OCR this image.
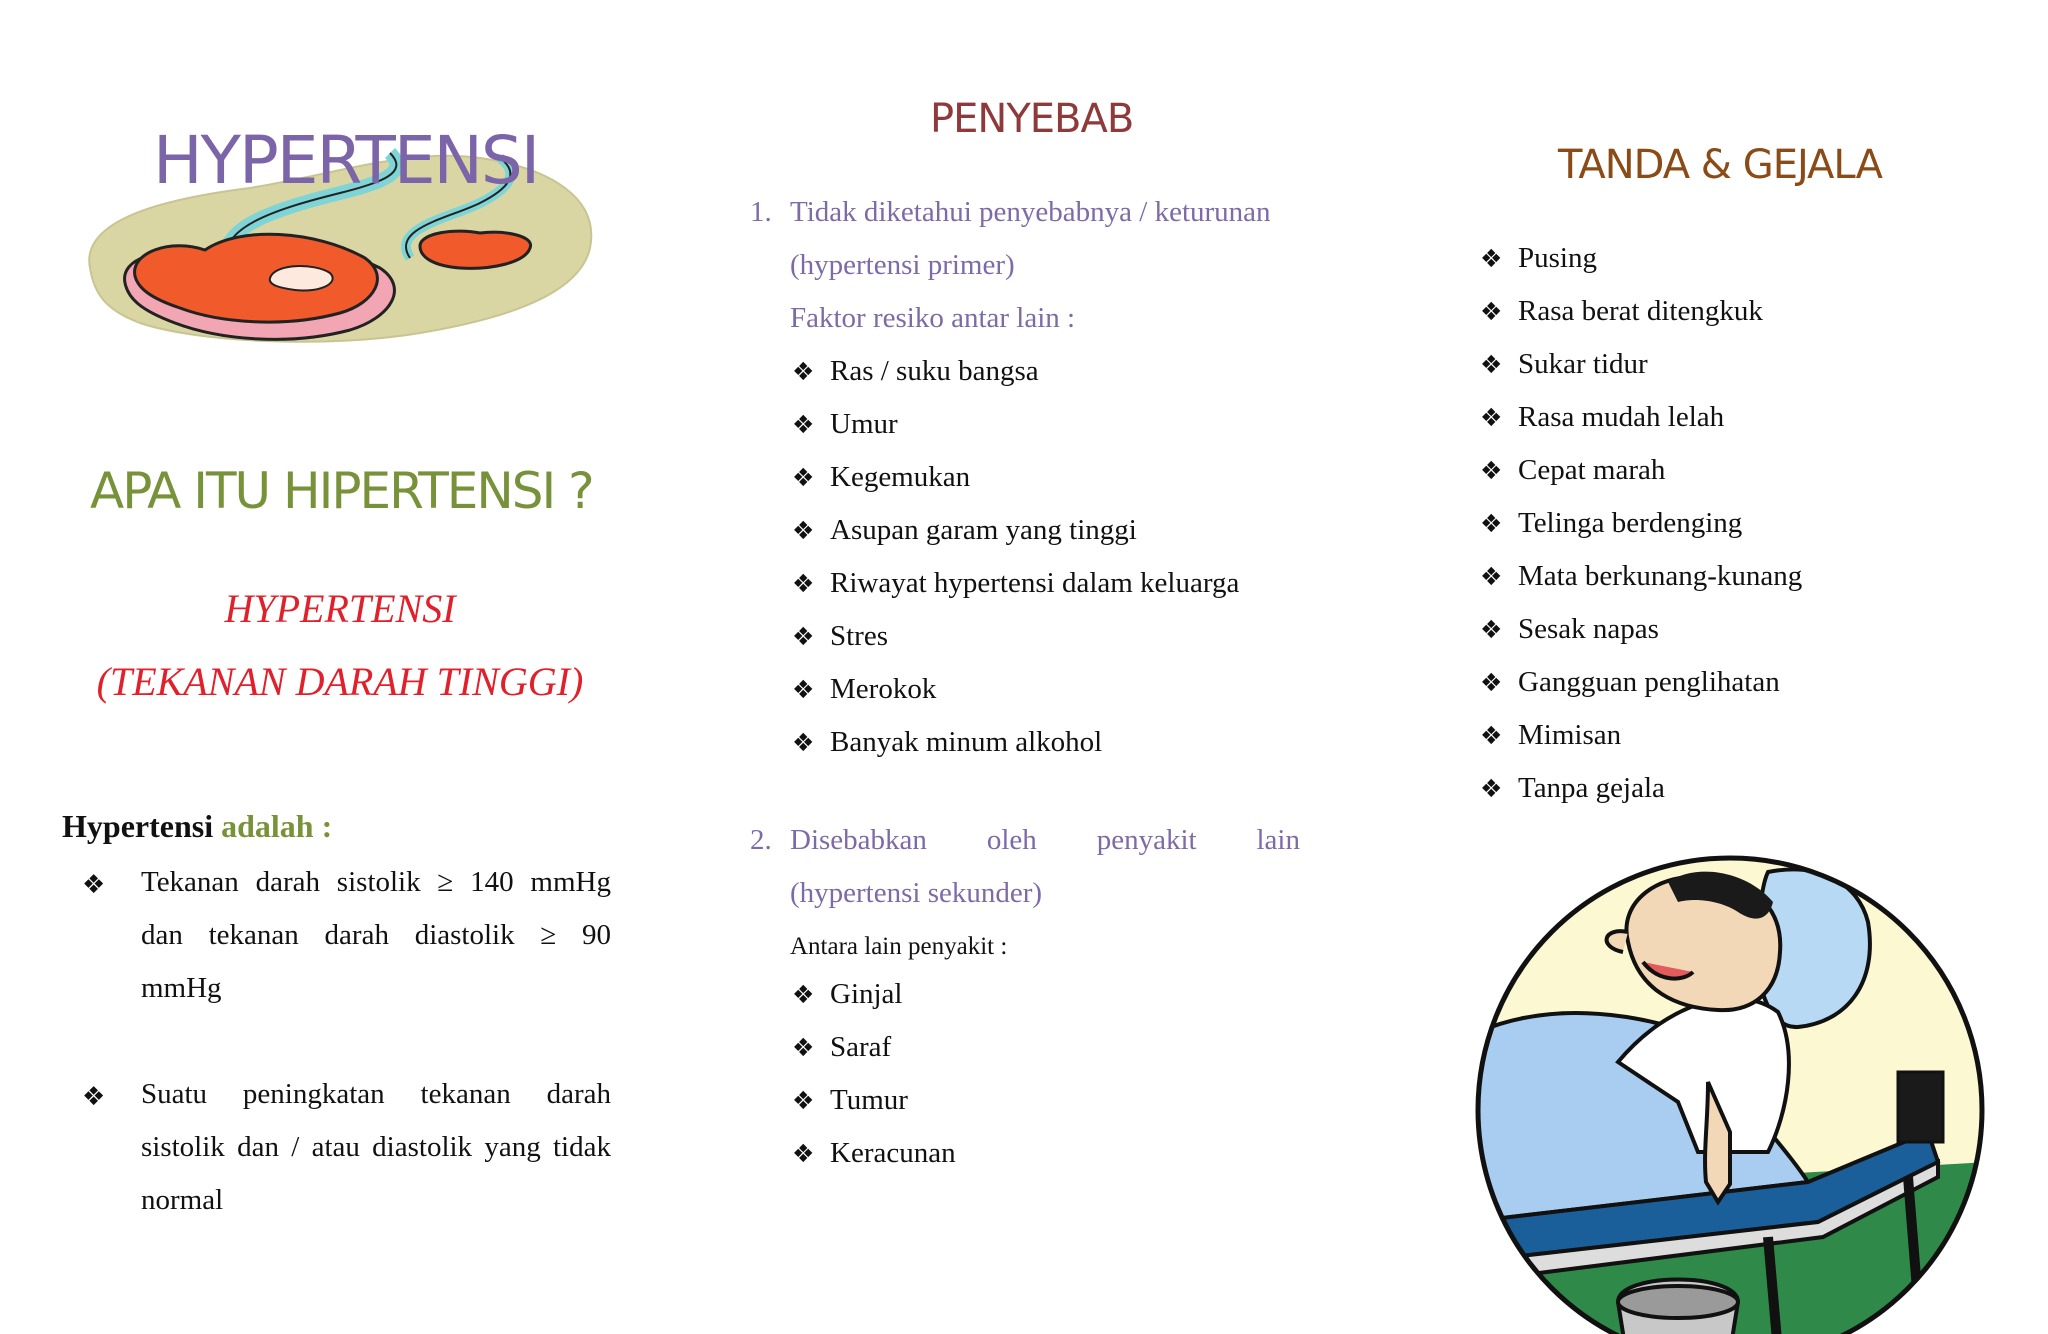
HYPERTENSI
APA ITU HIPERTENSI ?
HYPERTENSI
(TEKANAN DARAH TINGGI)
Hypertensi adalah :
❖ Tekanan darah sistolik ≥ 140 mmHg
dan tekanan darah diastolik ≥ 90
mmHg
❖ Suatu peningkatan tekanan darah
sistolik dan / atau diastolik yang tidak
normal
PENYEBAB
1. Tidak diketahui penyebabnya / keturunan
(hypertensi primer)
Faktor resiko antar lain :
❖ Ras / suku bangsa
❖ Umur
❖ Kegemukan
❖ Asupan garam yang tinggi
❖ Riwayat hypertensi dalam keluarga
❖ Stres
❖ Merokok
❖ Banyak minum alkohol
2. Disebabkan oleh penyakit lain
(hypertensi sekunder)
Antara lain penyakit :
❖ Ginjal
❖ Saraf
❖ Tumur
❖ Keracunan
TANDA & GEJALA
❖ Pusing
❖ Rasa berat ditengkuk
❖ Sukar tidur
❖ Rasa mudah lelah
❖ Cepat marah
❖ Telinga berdenging
❖ Mata berkunang-kunang
❖ Sesak napas
❖ Gangguan penglihatan
❖ Mimisan
❖ Tanpa gejala
